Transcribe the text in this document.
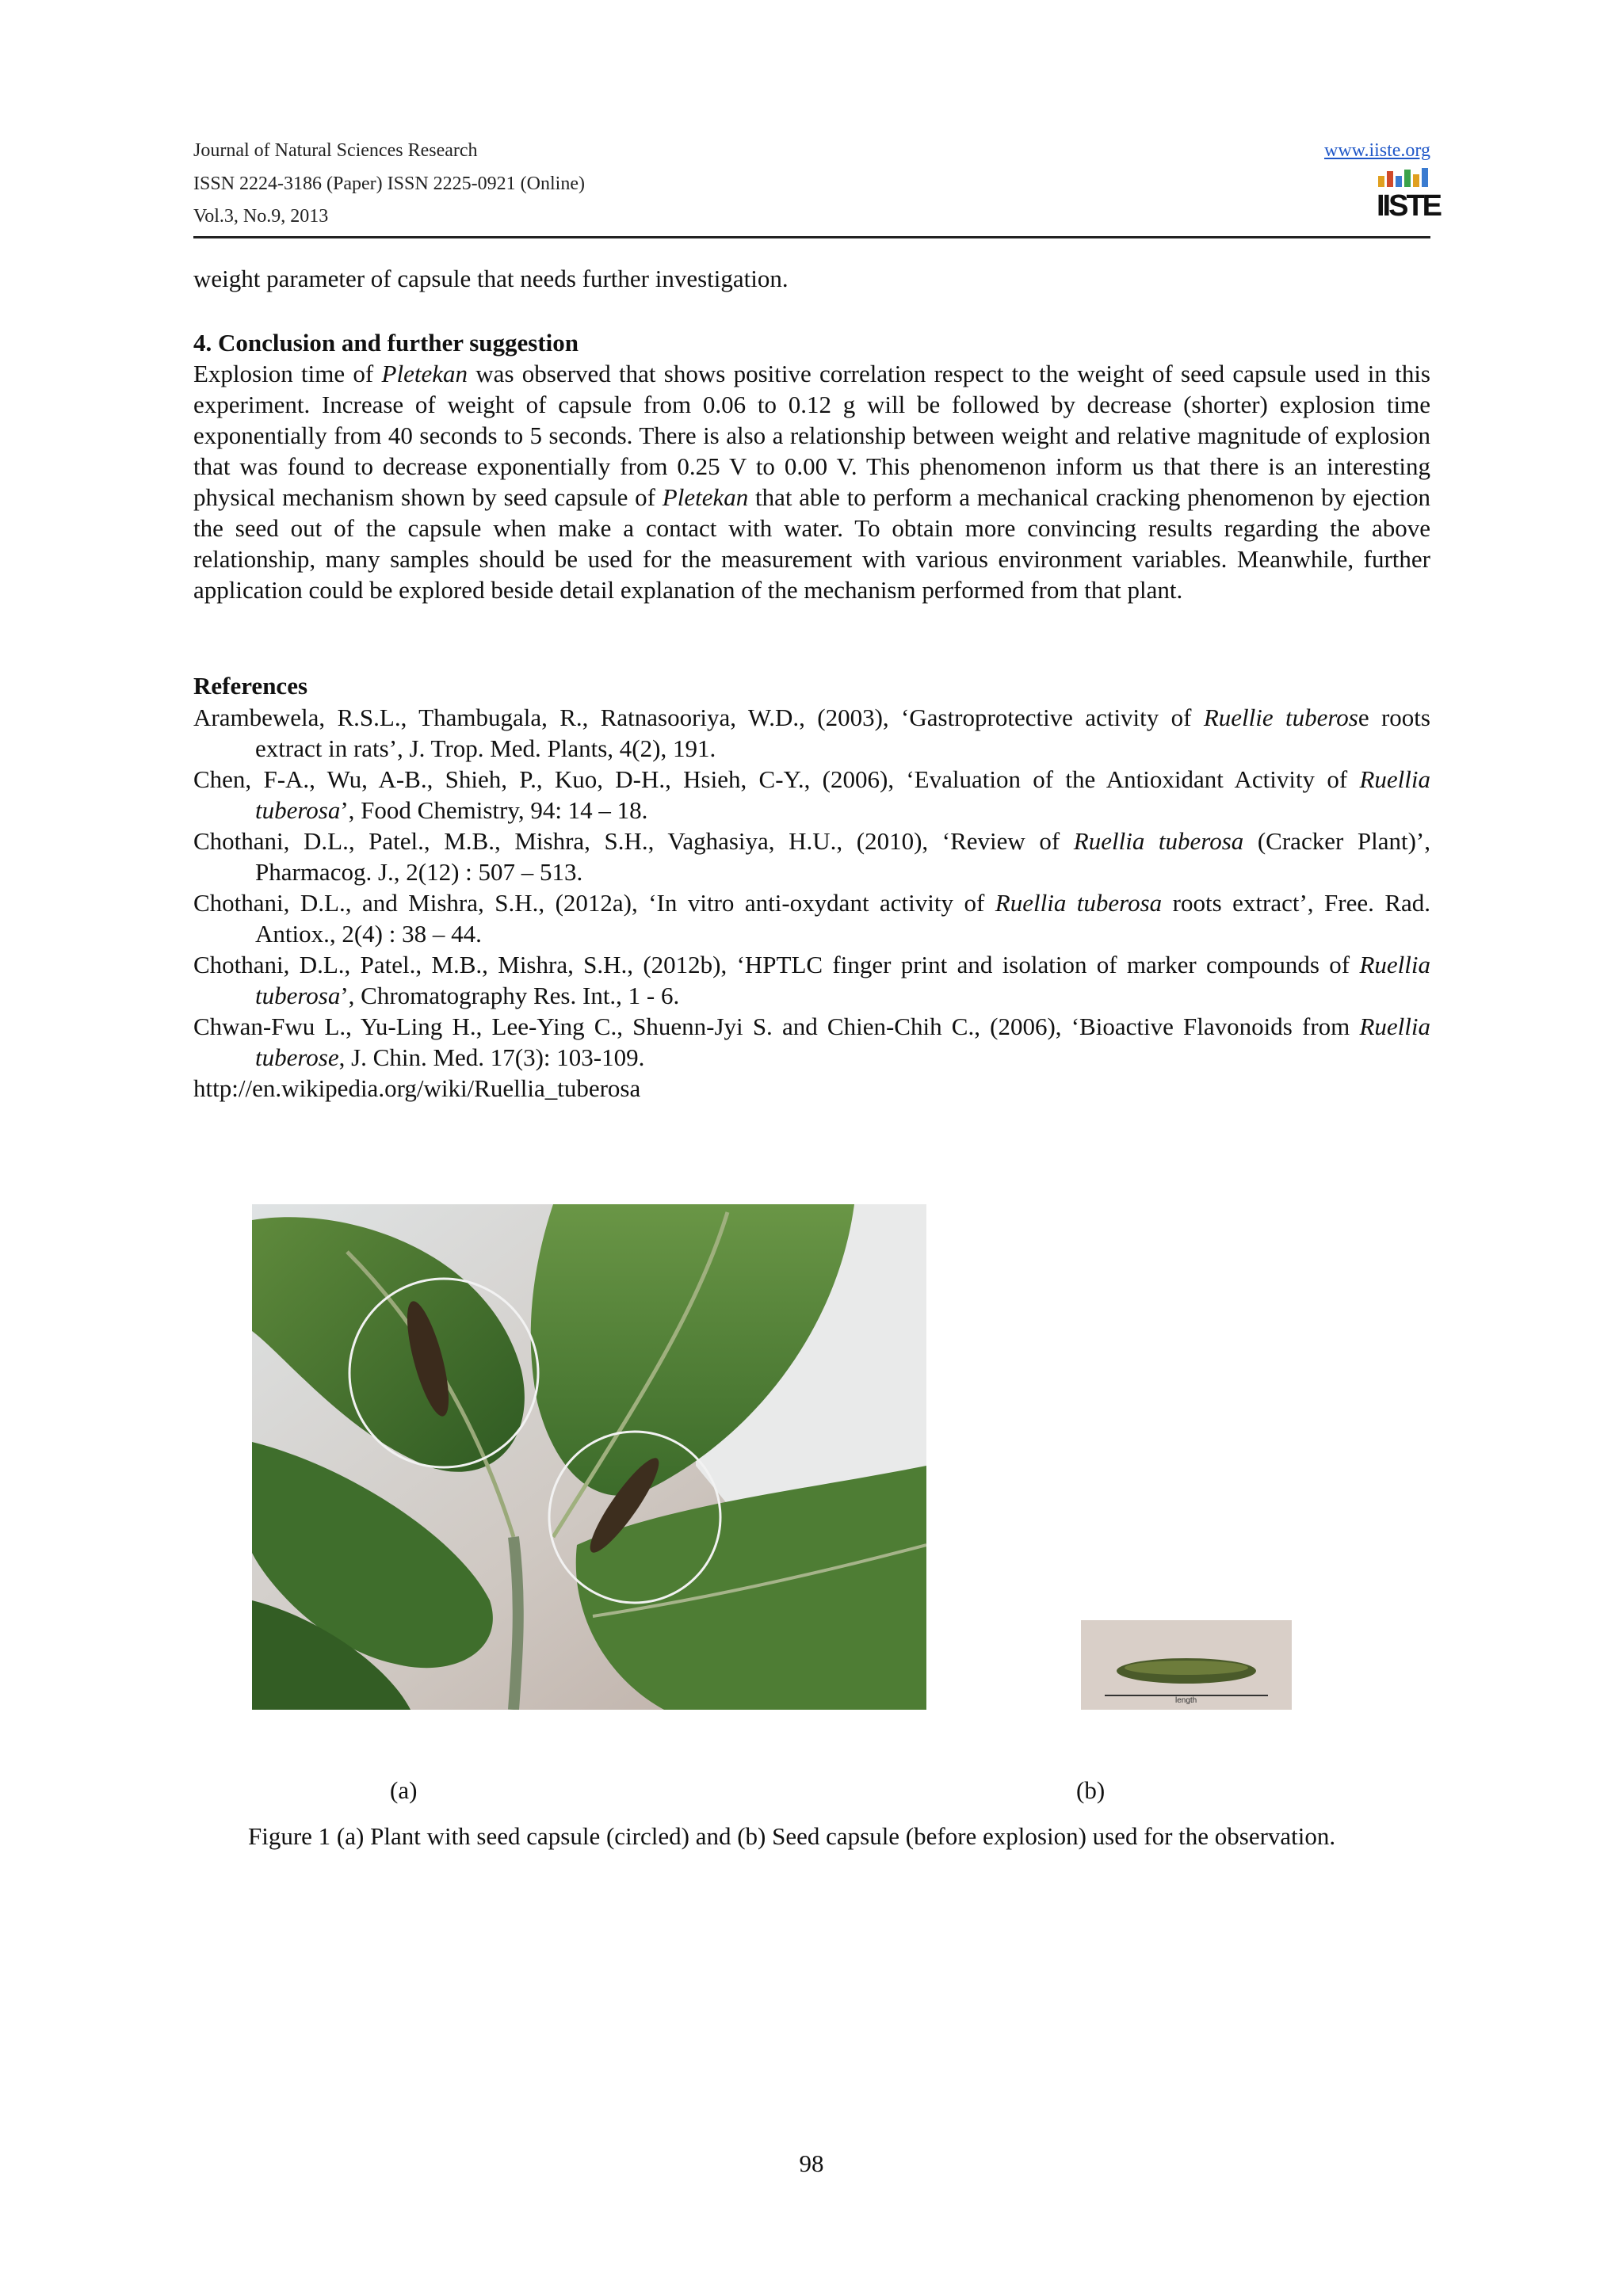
Journal of Natural Sciences Research
ISSN 2224-3186 (Paper) ISSN 2225-0921 (Online)
Vol.3, No.9, 2013
www.iiste.org
IISTE
weight parameter of capsule that needs further investigation.
4. Conclusion and further suggestion
Explosion time of Pletekan was observed that shows positive correlation respect to the weight of seed capsule used in this experiment. Increase of weight of capsule from 0.06 to 0.12 g will be followed by decrease (shorter) explosion time exponentially from 40 seconds to 5 seconds. There is also a relationship between weight and relative magnitude of explosion that was found to decrease exponentially from 0.25 V to 0.00 V. This phenomenon inform us that there is an interesting physical mechanism shown by seed capsule of Pletekan that able to perform a mechanical cracking phenomenon by ejection the seed out of the capsule when make a contact with water. To obtain more convincing results regarding the above relationship, many samples should be used for the measurement with various environment variables. Meanwhile, further application could be explored beside detail explanation of the mechanism performed from that plant.
References

Arambewela, R.S.L., Thambugala, R., Ratnasooriya, W.D., (2003), ‘Gastroprotective activity of Ruellie tuberose roots extract in rats’, J. Trop. Med. Plants, 4(2), 191.

Chen, F-A., Wu, A-B., Shieh, P., Kuo, D-H., Hsieh, C-Y., (2006), ‘Evaluation of the Antioxidant Activity of Ruellia tuberosa’, Food Chemistry, 94: 14 – 18.

Chothani, D.L., Patel., M.B., Mishra, S.H., Vaghasiya, H.U., (2010), ‘Review of Ruellia tuberosa (Cracker Plant)’, Pharmacog. J., 2(12) : 507 – 513.

Chothani, D.L., and Mishra, S.H., (2012a), ‘In vitro anti-oxydant activity of Ruellia tuberosa roots extract’, Free. Rad. Antiox., 2(4) : 38 – 44.

Chothani, D.L., Patel., M.B., Mishra, S.H., (2012b), ‘HPTLC finger print and isolation of marker compounds of Ruellia tuberosa’, Chromatography Res. Int., 1 - 6.

Chwan-Fwu L., Yu-Ling H., Lee-Ying C., Shuenn-Jyi S. and Chien-Chih C., (2006), ‘Bioactive Flavonoids from Ruellia tuberose, J. Chin. Med. 17(3): 103-109.

http://en.wikipedia.org/wiki/Ruellia_tuberosa

length
(a)	(b)
Figure 1 (a) Plant with seed capsule (circled) and (b) Seed capsule (before explosion) used for the observation.
98
